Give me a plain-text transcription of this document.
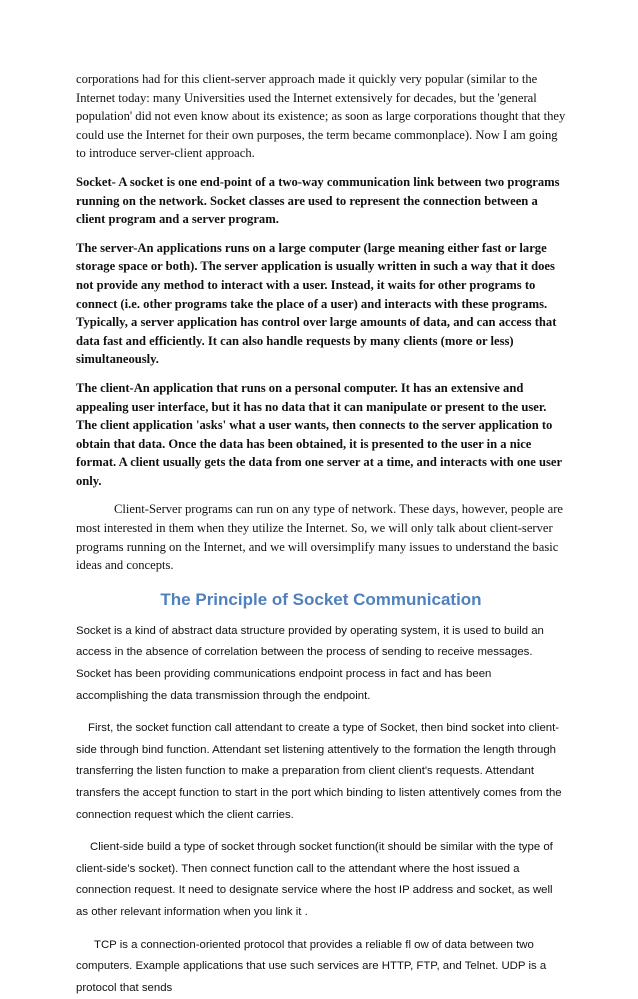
corporations had for this client-server approach made it quickly very popular (similar to the Internet today: many Universities used the Internet extensively for decades, but the 'general population' did not even know about its existence; as soon as large corporations thought that they could use the Internet for their own purposes, the term became commonplace). Now I am going to introduce server-client approach.

Socket- A socket is one end-point of a two-way communication link between two programs running on the network. Socket classes are used to represent the connection between a client program and a server program.

The server-An applications runs on a large computer (large meaning either fast or large storage space or both). The server application is usually written in such a way that it does not provide any method to interact with a user. Instead, it waits for other programs to connect (i.e. other programs take the place of a user) and interacts with these programs. Typically, a server application has control over large amounts of data, and can access that data fast and efficiently. It can also handle requests by many clients (more or less) simultaneously.

The client-An application that runs on a personal computer. It has an extensive and appealing user interface, but it has no data that it can manipulate or present to the user. The client application 'asks' what a user wants, then connects to the server application to obtain that data. Once the data has been obtained, it is presented to the user in a nice format. A client usually gets the data from one server at a time, and interacts with one user only.

Client-Server programs can run on any type of network. These days, however, people are most interested in them when they utilize the Internet. So, we will only talk about client-server programs running on the Internet, and we will oversimplify many issues to understand the basic ideas and concepts.

The Principle of Socket Communication

Socket is a kind of abstract data structure provided by operating system, it is used to build an access in the absence of correlation between the process of sending to receive messages. Socket has been providing communications endpoint process in fact and has been accomplishing the data transmission through the endpoint.

First, the socket function call attendant to create a type of Socket, then bind socket into client-side through bind function. Attendant set listening attentively to the formation the length through transferring the listen function to make a preparation from client client's requests. Attendant transfers the accept function to start in the port which binding to listen attentively comes from the connection request which the client carries.

Client-side build a type of socket through socket function(it should be similar with the type of client-side’s socket). Then connect function call to the attendant where the host issued a connection request. It need to designate service where the host IP address and socket, as well as other relevant information when you link it .

TCP is a connection-oriented protocol that provides a reliable fl ow of data between two computers. Example applications that use such services are HTTP, FTP, and Telnet. UDP is a protocol that sends
